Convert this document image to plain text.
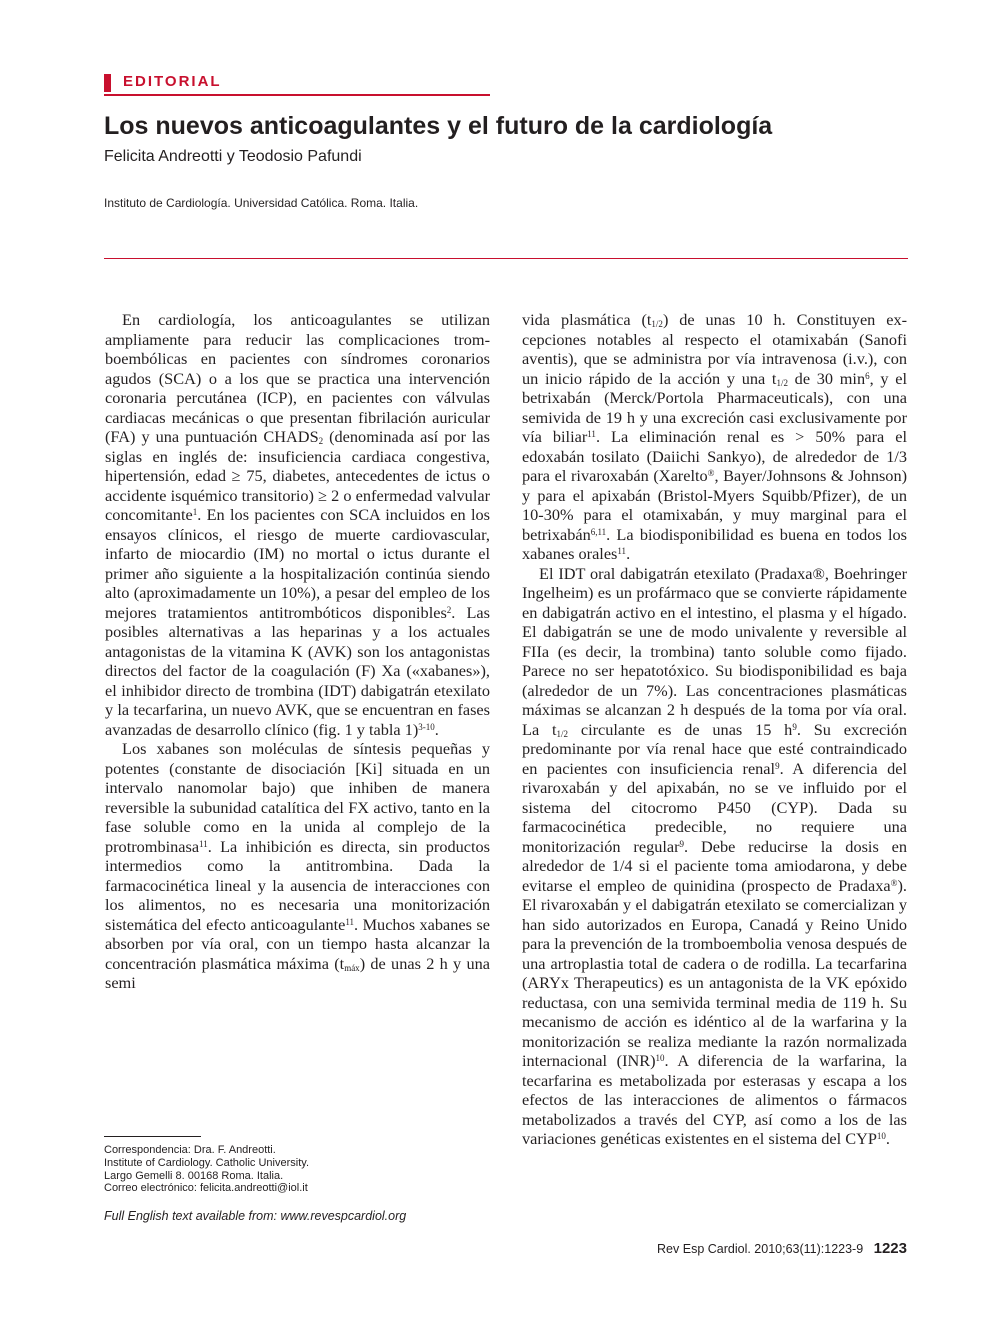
EDITORIAL
Los nuevos anticoagulantes y el futuro de la cardiología
Felicita Andreotti y Teodosio Pafundi
Instituto de Cardiología. Universidad Católica. Roma. Italia.

En cardiología, los anticoagulantes se utilizan ampliamente para reducir las complicaciones tromboembólicas en pacientes con síndromes coronarios agudos (SCA) o a los que se practica una intervención coronaria percutánea (ICP), en pacientes con válvulas cardiacas mecánicas o que presentan fibrilación auricular (FA) y una puntuación $CHADS_2$ (denominada así por las siglas en inglés de: insuficiencia cardiaca congestiva, hipertensión, edad ≥ 75, diabetes, antecedentes de ictus o accidente isquémico transitorio) ≥ 2 o enfermedad valvular concomitante$^1$. En los pacientes con SCA incluidos en los ensayos clínicos, el riesgo de muerte cardiovascular, infarto de miocardio (IM) no mortal o ictus durante el primer año siguiente a la hospitalización continúa siendo alto (aproximadamente un 10%), a pesar del empleo de los mejores tratamientos antitrombóticos disponibles$^2$. Las posibles alternativas a las heparinas y a los actuales antagonistas de la vitamina K (AVK) son los antagonistas directos del factor de la coagulación (F) Xa («xabanes»), el inhibidor directo de trombina (IDT) dabigatrán etexilato y la tecarfarina, un nuevo AVK, que se encuentran en fases avanzadas de desarrollo clínico (fig. 1 y tabla 1)$^{3-10}$.

Los xabanes son moléculas de síntesis pequeñas y potentes (constante de disociación [Ki] situada en un intervalo nanomolar bajo) que inhiben de manera reversible la subunidad catalítica del FX activo, tanto en la fase soluble como en la unida al complejo de la protrombinasa$^{11}$. La inhibición es directa, sin productos intermedios como la antitrombina. Dada la farmacocinética lineal y la ausencia de interacciones con los alimentos, no es necesaria una monitorización sistemática del efecto anticoagulante$^{11}$. Muchos xabanes se absorben por vía oral, con un tiempo hasta alcanzar la concentración plasmática máxima $(t_{máx})$ de unas 2 h y una semi

vida plasmática $(t_{1/2})$ de unas 10 h. Constituyen excepciones notables al respecto el otamixabán (Sanofi aventis), que se administra por vía intravenosa (i.v.), con un inicio rápido de la acción y una $t_{1/2}$ de 30 $\min^6$, y el betrixabán (Merck/Portola Pharmaceuticals), con una semivida de 19 h y una excreción casi exclusivamente por vía biliar$^{11}$. La eliminación renal es > 50% para el edoxabán tosilato (Daiichi Sankyo), de alrededor de 1/3 para el rivaroxabán (Xarelto®, Bayer/Johnsons & Johnson) y para el apixabán (Bristol-Myers Squibb/Pfizer), de un 10-30% para el otamixabán, y muy marginal para el betrixabán$^{6,11}$. La biodisponibilidad es buena en todos los xabanes orales$^{11}$.

El IDT oral dabigatrán etexilato (Pradaxa®, Boehringer Ingelheim) es un profármaco que se convierte rápidamente en dabigatrán activo en el intestino, el plasma y el hígado. El dabigatrán se une de modo univalente y reversible al FIIa (es decir, la trombina) tanto soluble como fijado. Parece no ser hepatotóxico. Su biodisponibilidad es baja (alrededor de un 7%). Las concentraciones plasmáticas máximas se alcanzan 2 h después de la toma por vía oral. La $t_{1/2}$ circulante es de unas 15 $h^9$. Su excreción predominante por vía renal hace que esté contraindicado en pacientes con insuficiencia renal$^9$. A diferencia del rivaroxabán y del apixabán, no se ve influido por el sistema del citocromo P450 (CYP). Dada su farmacocinética predecible, no requiere una monitorización regular$^9$. Debe reducirse la dosis en alrededor de 1/4 si el paciente toma amiodarona, y debe evitarse el empleo de quinidina (prospecto de Pradaxa®). El rivaroxabán y el dabigatrán etexilato se comercializan y han sido autorizados en Europa, Canadá y Reino Unido para la prevención de la tromboembolia venosa después de una artroplastia total de cadera o de rodilla. La tecarfarina (ARYx Therapeutics) es un antagonista de la VK epóxido reductasa, con una semivida terminal media de 119 h. Su mecanismo de acción es idéntico al de la warfarina y la monitorización se realiza mediante la razón normalizada internacional (INR)$^{10}$. A diferencia de la warfarina, la tecarfarina es metabolizada por esterasas y escapa a los efectos de las interacciones de alimentos o fármacos metabolizados a través del CYP, así como a los de las variaciones genéticas existentes en el sistema del CYP$^{10}$.

Correspondencia: Dra. F. Andreotti.
Institute of Cardiology. Catholic University.
Largo Gemelli 8. 00168 Roma. Italia.
Correo electrónico: felicita.andreotti@iol.it
Full English text available from: www.revespcardiol.org
Rev Esp Cardiol. 2010;63(11):1223-9 1223
